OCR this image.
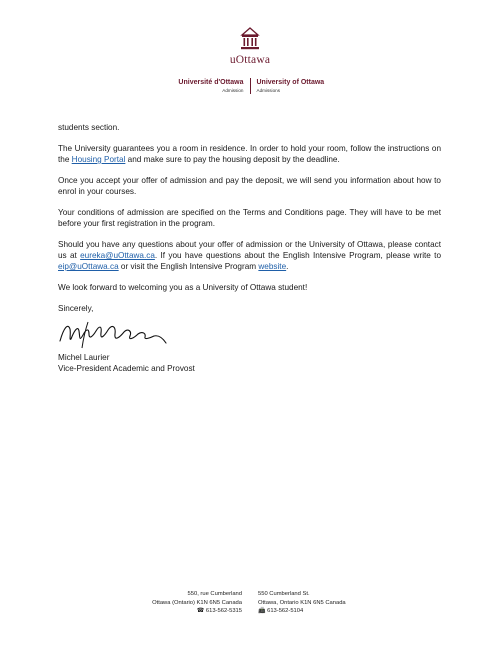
uOttawa
Université d'Ottawa
Admission
University of Ottawa
Admissions

students section.

The University guarantees you a room in residence. In order to hold your room, follow the instructions on the Housing Portal and make sure to pay the housing deposit by the deadline.

Once you accept your offer of admission and pay the deposit, we will send you information about how to enrol in your courses.

Your conditions of admission are specified on the Terms and Conditions page. They will have to be met before your first registration in the program.

Should you have any questions about your offer of admission or the University of Ottawa, please contact us at eureka@uOttawa.ca. If you have questions about the English Intensive Program, please write to eip@uOttawa.ca or visit the English Intensive Program website.

We look forward to welcoming you as a University of Ottawa student!

Sincerely,

Michel Laurier
Vice-President Academic and Provost
550, rue Cumberland
Ottawa (Ontario) K1N 6N5 Canada
☎ 613-562-5315
550 Cumberland St.
Ottawa, Ontario K1N 6N5 Canada
📠 613-562-5104
